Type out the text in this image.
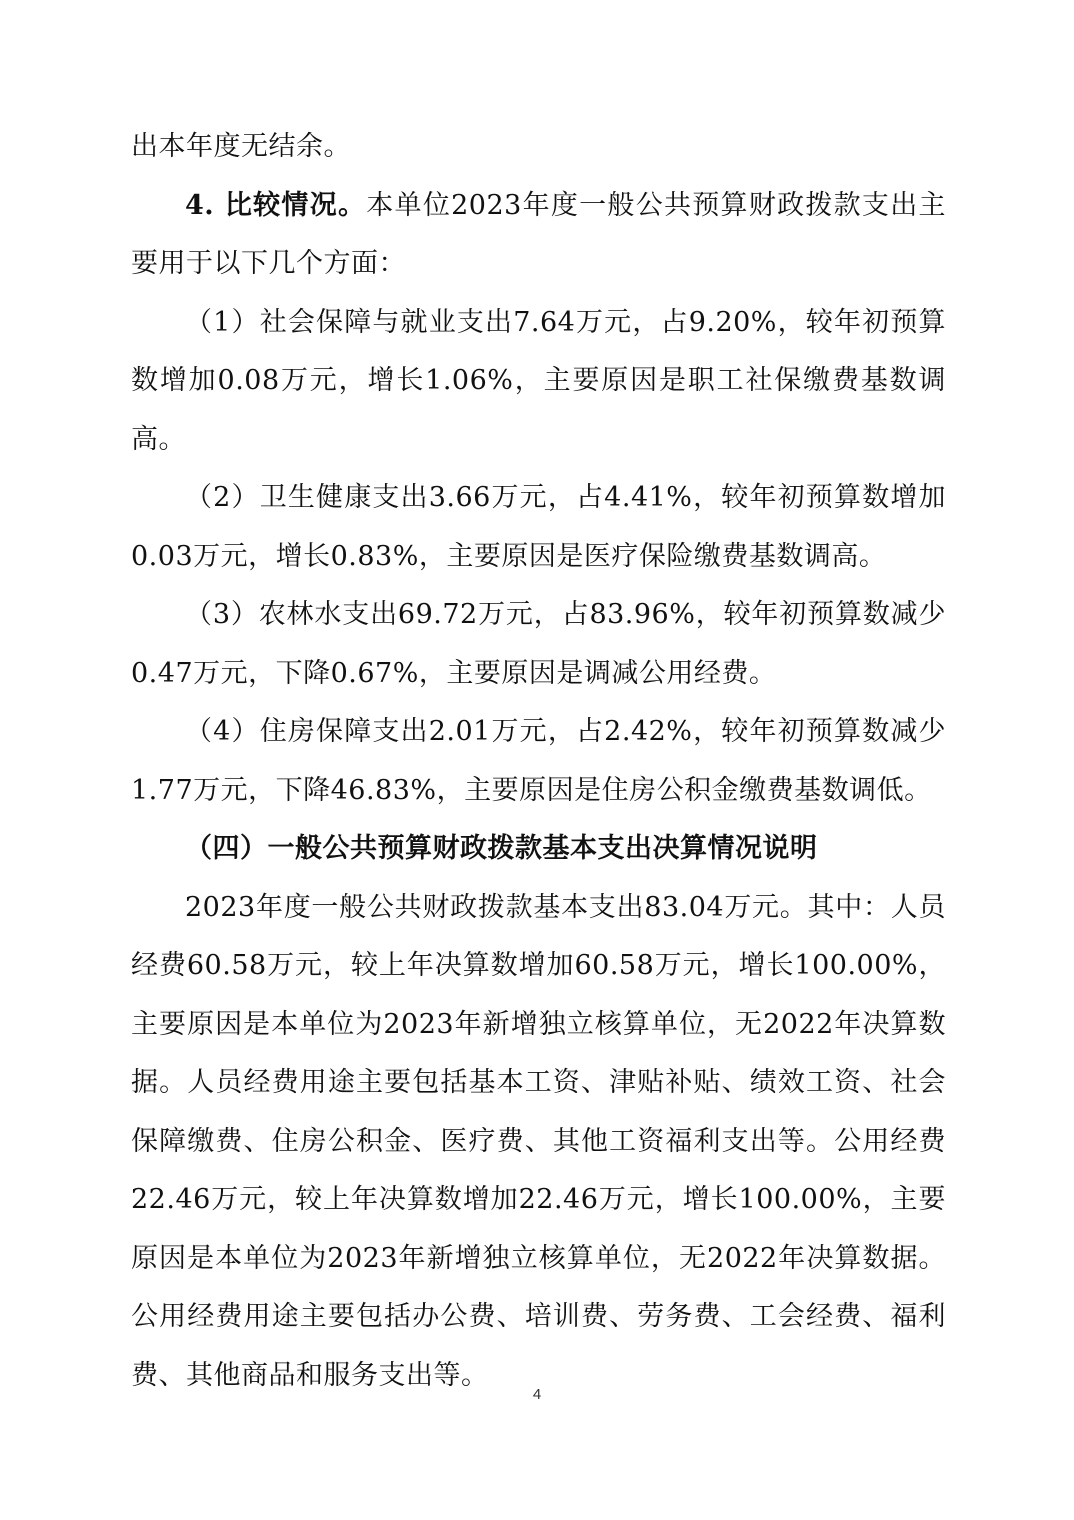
出本年度无结余。

4. 比较情况。本单位2023年度一般公共预算财政拨款支出主要用于以下几个方面：

（1）社会保障与就业支出7.64万元，占9.20%，较年初预算数增加0.08万元，增长1.06%，主要原因是职工社保缴费基数调高。

（2）卫生健康支出3.66万元，占4.41%，较年初预算数增加0.03万元，增长0.83%，主要原因是医疗保险缴费基数调高。

（3）农林水支出69.72万元，占83.96%，较年初预算数减少0.47万元，下降0.67%，主要原因是调减公用经费。

（4）住房保障支出2.01万元，占2.42%，较年初预算数减少1.77万元，下降46.83%，主要原因是住房公积金缴费基数调低。

（四）一般公共预算财政拨款基本支出决算情况说明

2023年度一般公共财政拨款基本支出83.04万元。其中：人员经费60.58万元，较上年决算数增加60.58万元，增长100.00%，主要原因是本单位为2023年新增独立核算单位，无2022年决算数据。人员经费用途主要包括基本工资、津贴补贴、绩效工资、社会保障缴费、住房公积金、医疗费、其他工资福利支出等。公用经费22.46万元，较上年决算数增加22.46万元，增长100.00%，主要原因是本单位为2023年新增独立核算单位，无2022年决算数据。公用经费用途主要包括办公费、培训费、劳务费、工会经费、福利费、其他商品和服务支出等。

4
